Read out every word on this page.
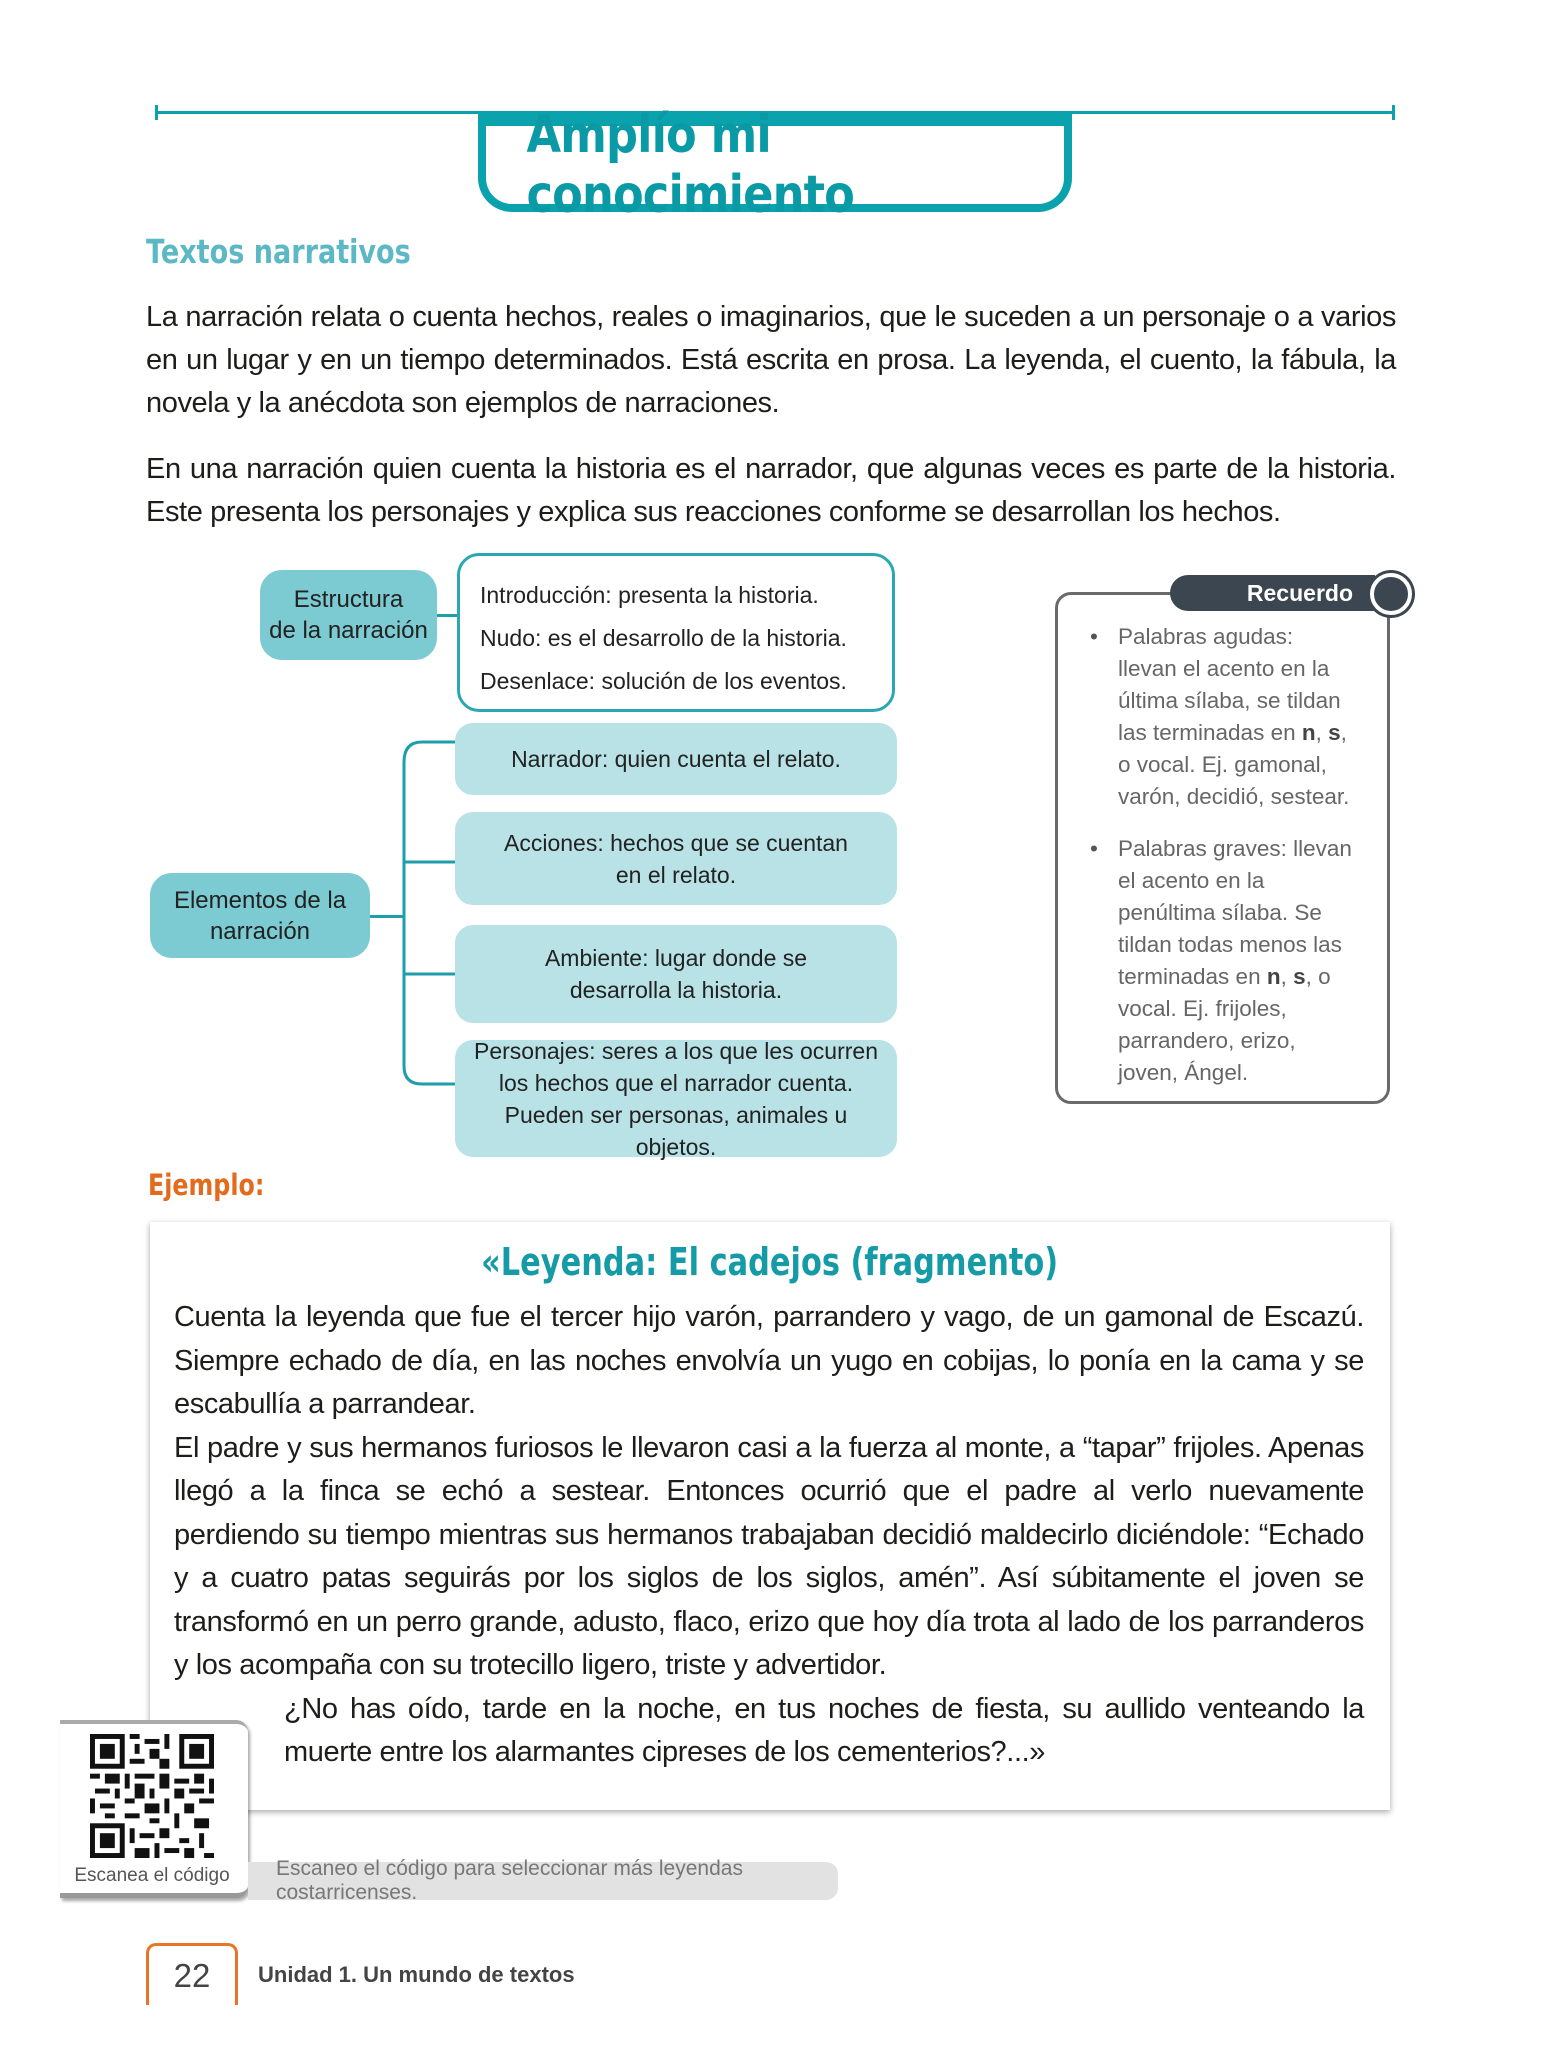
Amplío mi conocimiento
Textos narrativos
La narración relata o cuenta hechos, reales o imaginarios, que le suceden a un personaje o a varios en un lugar y en un tiempo determinados. Está escrita en prosa. La leyenda, el cuento, la fábula, la novela y la anécdota son ejemplos de narraciones.
En una narración quien cuenta la historia es el narrador, que algunas veces es parte de la historia. Este presenta los personajes y explica sus reacciones conforme se desarrollan los hechos.
Estructura
de la narración
Introducción: presenta la historia.
Nudo: es el desarrollo de la historia.
Desenlace: solución de los eventos.
Elementos de la
narración
Narrador: quien cuenta el relato.
Acciones: hechos que se cuentan en el relato.
Ambiente: lugar donde se desarrolla la historia.
Personajes: seres a los que les ocurren los hechos que el narrador cuenta. Pueden ser personas, animales u objetos.
• Palabras agudas: llevan el acento en la última sílaba, se tildan las terminadas en n, s, o vocal. Ej. gamonal, varón, decidió, sestear.
• Palabras graves: llevan el acento en la penúltima sílaba. Se tildan todas menos las terminadas en n, s, o vocal. Ej. frijoles, parrandero, erizo, joven, Ángel.
Recuerdo
Ejemplo:
«Leyenda: El cadejos (fragmento)

Cuenta la leyenda que fue el tercer hijo varón, parrandero y vago, de un gamonal de Escazú. Siempre echado de día, en las noches envolvía un yugo en cobijas, lo ponía en la cama y se escabullía a parrandear.

El padre y sus hermanos furiosos le llevaron casi a la fuerza al monte, a “tapar” frijoles. Apenas llegó a la finca se echó a sestear. Entonces ocurrió que el padre al verlo nuevamente perdiendo su tiempo mientras sus hermanos trabajaban decidió maldecirlo diciéndole: “Echado y a cuatro patas seguirás por los siglos de los siglos, amén”. Así súbitamente el joven se transformó en un perro grande, adusto, flaco, erizo que hoy día trota al lado de los parranderos y los acompaña con su trotecillo ligero, triste y advertidor.

¿No has oído, tarde en la noche, en tus noches de fiesta, su aullido venteando la muerte entre los alarmantes cipreses de los cementerios?...»

Escanea el código	Escaneo el código para seleccionar más leyendas costarricenses.
22	Unidad 1. Un mundo de textos
